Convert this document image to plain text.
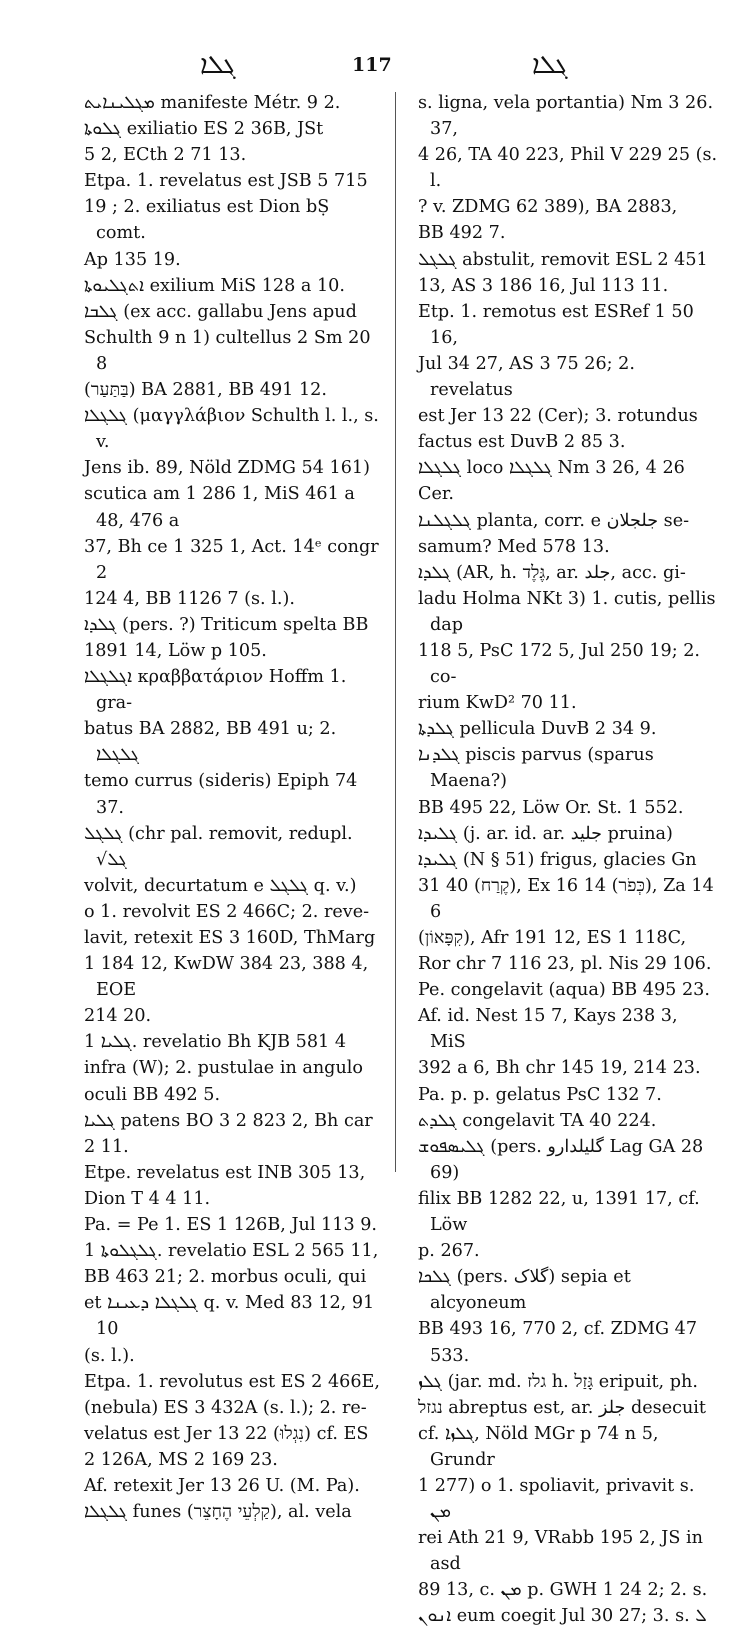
ܓܠܐ	117	ܓܠܐ
ܡܓܠܝܢܐܝܬ manifeste Métr. 9 2.
ܓܠܘܬܐ exiliatio ES 2 36B, JSt
5 2, ECth 2 71 13.
Etpa. 1. revelatus est JSB 5 715
19 ; 2. exiliatus est Dion bṢ comt.
Ap 135 19.
ܐܬܓܠܝܘܬܐ exilium MiS 128 a 10.
ܓܠܒܐ (ex acc. gallabu Jens apud
Schulth 9 n 1) cultellus 2 Sm 20 8
(בַּתַּעַר) BA 2881, BB 491 12.
ܓܠܓܠܐ (μαγγλάβιον Schulth l. l., s. v.
Jens ib. 89, Nöld ZDMG 54 161)
scutica am 1 286 1, MiS 461 a 48, 476 a
37, Bh ce 1 325 1, Act. 14ᵉ congr 2
124 4, BB 1126 7 (s. l.).
ܓܠܕܐ (pers. ?) Triticum spelta BB
1891 14, Löw p 105.
ܐܓܠܓܠܐ κραββατάριον Hoffm 1. gra-
batus BA 2882, BB 491 u; 2. ܓܠܓܠܐ
temo currus (sideris) Epiph 74 37.
ܓܠܓܠ (chr pal. removit, redupl. √ܓܠ
volvit, decurtatum e ܓܠܓܠ q. v.)
o 1. revolvit ES 2 466C; 2. reve-
lavit, retexit ES 3 160D, ThMarg
1 184 12, KwDW 384 23, 388 4, EOE
214 20.
ܓܠܝܐ 1. revelatio Bh KJB 581 4
infra (W); 2. pustulae in angulo
oculi BB 492 5.
ܓܠܝܐ patens BO 3 2 823 2, Bh car
2 11.
Etpe. revelatus est INB 305 13,
Dion T 4 4 11.
Pa. = Pe 1. ES 1 126B, Jul 113 9.
ܓܠܓܠܘܬܐ 1. revelatio ESL 2 565 11,
BB 463 21; 2. morbus oculi, qui
et ܓܠܓܠܐ ܕܥܝܢܐ q. v. Med 83 12, 91 10
(s. l.).
Etpa. 1. revolutus est ES 2 466E,
(nebula) ES 3 432A (s. l.); 2. re-
velatus est Jer 13 22 (נִגְלוּ) cf. ES
2 126A, MS 2 169 23.
Af. retexit Jer 13 26 U. (M. Pa).
ܓܠܓܠܐ funes (קַלְעֵי הֶחָצֵר), al. vela
s. ligna, vela portantia) Nm 3 26. 37,
4 26, TA 40 223, Phil V 229 25 (s. l.
? v. ZDMG 62 389), BA 2883,
BB 492 7.
ܓܠܓܠ abstulit, removit ESL 2 451
13, AS 3 186 16, Jul 113 11.
Etp. 1. remotus est ESRef 1 50 16,
Jul 34 27, AS 3 75 26; 2. revelatus
est Jer 13 22 (Cer); 3. rotundus
factus est DuvB 2 85 3.
ܓܠܓܠܐ loco ܓܠܓܠܐ Nm 3 26, 4 26
Cer.
ܓܠܓܠܢܐ planta, corr. e جلجلان se-
samum? Med 578 13.
ܓܠܕܐ (AR, h. גֶּלֶד, ar. جلد, acc. gi-
ladu Holma NKt 3) 1. cutis, pellis dap
118 5, PsC 172 5, Jul 250 19; 2. co-
rium KwD² 70 11.
ܓܠܕܬܐ pellicula DuvB 2 34 9.
ܓܠܕܢܐ piscis parvus (sparus Maena?)
BB 495 22, Löw Or. St. 1 552.
ܓܠܝܕܐ (j. ar. id. ar. جليد pruina)
ܓܠܝܕܐ (N § 51) frigus, glacies Gn
31 40 (קֶרַח), Ex 16 14 (כְּפֹר), Za 14 6
(קִפָּאוֹן), Afr 191 12, ES 1 118C,
Ror chr 7 116 23, pl. Nis 29 106.
Pe. congelavit (aqua) BB 495 23.
Af. id. Nest 15 7, Kays 238 3, MiS
392 a 6, Bh chr 145 19, 214 23.
Pa. p. p. gelatus PsC 132 7.
ܓܠܕܬ congelavit TA 40 224.
ܓܠܝܣܦܘܫ (pers. گليلدارو Lag GA 28 69)
filix BB 1282 22, u, 1391 17, cf. Löw
p. 267.
ܓܠܟܐ (pers. گلاک) sepia et alcyoneum
BB 493 16, 770 2, cf. ZDMG 47 533.
ܓܠܙ (jar. md. גלז h. גָּזַל eripuit, ph.
נגזל abreptus est, ar. جلز desecuit
cf. ܓܠܙܐ, Nöld MGr p 74 n 5, Grundr
1 277) o 1. spoliavit, privavit s. ܡܢ
rei Ath 21 9, VRabb 195 2, JS in asd
89 13, c. ܡܢ p. GWH 1 24 2; 2. s.
ܐܢܘܢ eum coegit Jul 30 27; 3. s. ܠ
